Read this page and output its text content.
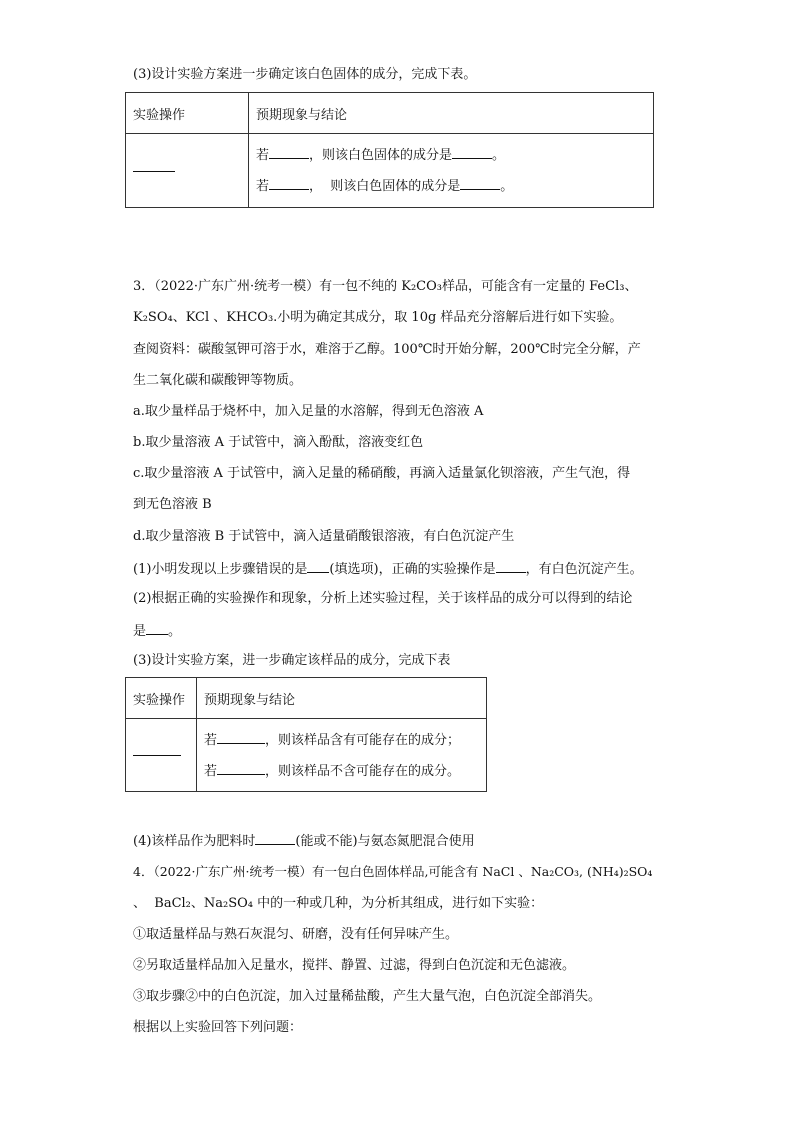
(3)设计实验方案进一步确定该白色固体的成分，完成下表。
实验操作	预期现象与结论

	若 ，则该白色固体的成分是 。
若 ，  则该白色固体的成分是 。
3．（2022·广东广州·统考一模）有一包不纯的 K₂CO₃样品，可能含有一定量的 FeCl₃、
K₂SO₄、KCl 、KHCO₃.小明为确定其成分，取 10g 样品充分溶解后进行如下实验。
查阅资料：碳酸氢钾可溶于水，难溶于乙醇。100℃时开始分解，200℃时完全分解，产
生二氧化碳和碳酸钾等物质。
a.取少量样品于烧杯中，加入足量的水溶解，得到无色溶液 A
b.取少量溶液 A 于试管中，滴入酚酞，溶液变红色
c.取少量溶液 A 于试管中，滴入足量的稀硝酸，再滴入适量氯化钡溶液，产生气泡，得
到无色溶液 B
d.取少量溶液 B 于试管中，滴入适量硝酸银溶液，有白色沉淀产生
(1)小明发现以上步骤错误的是 (填选项)，正确的实验操作是 ，有白色沉淀产生。
(2)根据正确的实验操作和现象，分析上述实验过程，关于该样品的成分可以得到的结论
是 。
(3)设计实验方案，进一步确定该样品的成分，完成下表
实验操作	预期现象与结论

	若 ，则该样品含有可能存在的成分；
若 ，则该样品不含可能存在的成分。
(4)该样品作为肥料时	(能或不能)与氨态氮肥混合使用
4．（2022·广东广州·统考一模）有一包白色固体样品,可能含有 NaCl 、Na₂CO₃, (NH₄)₂SO₄
、  BaCl₂、Na₂SO₄ 中的一种或几种，为分析其组成，进行如下实验：
①取适量样品与熟石灰混匀、研磨，没有任何异味产生。
②另取适量样品加入足量水，搅拌、静置、过滤，得到白色沉淀和无色滤液。
③取步骤②中的白色沉淀，加入过量稀盐酸，产生大量气泡，白色沉淀全部消失。
根据以上实验回答下列问题：
